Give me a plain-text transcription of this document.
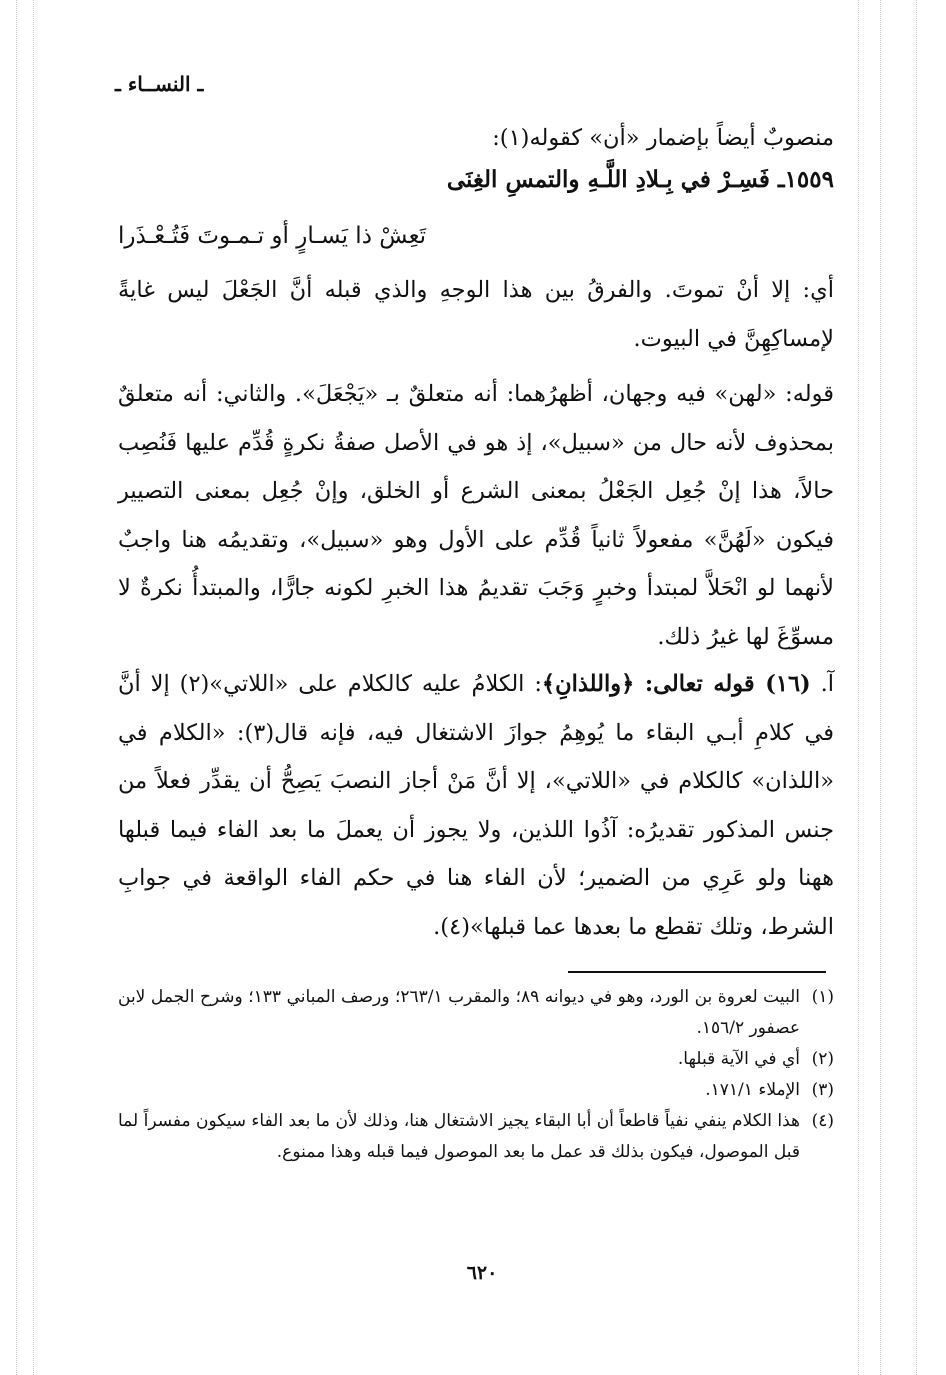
ـ النســاء ـ

منصوبٌ أيضاً بإضمار «أن» كقوله(١):

١٥٥٩ـ فَسِـرْ في بِـلادِ اللَّـهِ والتمسِ الغِنَى
تَعِشْ ذا يَسـارٍ أو تـمـوتَ فَتُـعْـذَرا

أي: إلا أنْ تموتَ. والفرقُ بين هذا الوجهِ والذي قبله أنَّ الجَعْلَ ليس غايةً لإمساكِهِنَّ في البيوت.

قوله: «لهن» فيه وجهان، أظهرُهما: أنه متعلقٌ بـ «يَجْعَلَ». والثاني: أنه متعلقٌ بمحذوف لأنه حال من «سبيل»، إذ هو في الأصل صفةُ نكرةٍ قُدِّم عليها فَنُصِب حالاً، هذا إنْ جُعِل الجَعْلُ بمعنى الشرع أو الخلق، وإنْ جُعِل بمعنى التصيير فيكون «لَهُنَّ» مفعولاً ثانياً قُدِّم على الأول وهو «سبيل»، وتقديمُه هنا واجبٌ لأنهما لو انْحَلاَّ لمبتدأ وخبرٍ وَجَبَ تقديمُ هذا الخبرِ لكونه جارًّا، والمبتدأُ نكرةٌ لا مسوِّغَ لها غيرُ ذلك.

آ. (١٦) قوله تعالى: ﴿واللذانِ﴾: الكلامُ عليه كالكلام على «اللاتي»(٢) إلا أنَّ في كلامِ أبـي البقاء ما يُوهِمُ جوازَ الاشتغال فيه، فإنه قال(٣): «الكلام في «اللذان» كالكلام في «اللاتي»، إلا أنَّ مَنْ أجاز النصبَ يَصِحُّ أن يقدِّر فعلاً من جنس المذكور تقديرُه: آذُوا اللذين، ولا يجوز أن يعملَ ما بعد الفاء فيما قبلها ههنا ولو عَرِي من الضمير؛ لأن الفاء هنا في حكم الفاء الواقعة في جوابِ الشرط، وتلك تقطع ما بعدها عما قبلها»(٤).

(١)
البيت لعروة بن الورد، وهو في ديوانه ٨٩؛ والمقرب ٢٦٣/١؛ ورصف المباني ١٣٣؛ وشرح الجمل لابن عصفور ١٥٦/٢.
(٢)
أي في الآية قبلها.
(٣)
الإملاء ١٧١/١.
(٤)
هذا الكلام ينفي نفياً قاطعاً أن أبا البقاء يجيز الاشتغال هنا، وذلك لأن ما بعد الفاء سيكون مفسراً لما قبل الموصول، فيكون بذلك قد عمل ما بعد الموصول فيما قبله وهذا ممنوع.
٦٢٠
